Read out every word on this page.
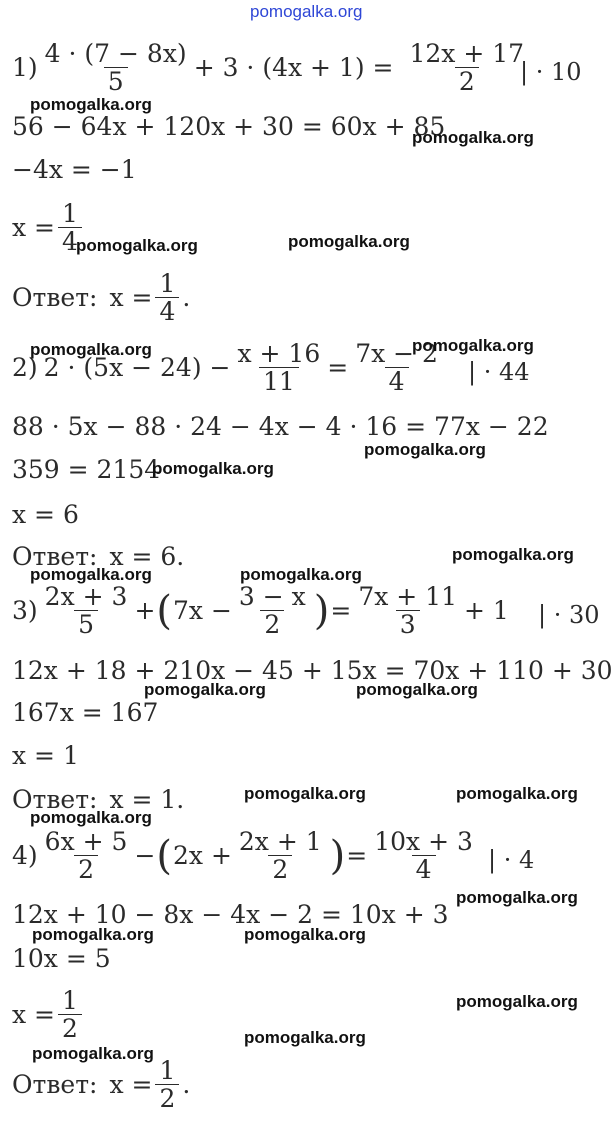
pomogalka.org
$1) \frac{4 \cdot (7 - 8x)}{5} + 3 \cdot (4x + 1) = \frac{12x + 17}{2}$
| · 10
56 − 64x + 120x + 30 = 60x + 85
−4x = −1
$x = \frac{1}{4}$
Ответ: $x = \frac{1}{4}$ .
2) $2 \cdot (5x - 24) - \frac{x + 16}{11} = \frac{7x - 2}{4}$ | · 44
88 · 5x − 88 · 24 − 4x − 4 · 16 = 77x − 22
359 = 2154
x = 6
Ответ: x = 6.
$3) \frac{2x + 3}{5}$ + ( $7x - \frac{3 - x}{2}$ ) = $\frac{7x + 11}{3} + 1$ | · 30
12x + 18 + 210x − 45 + 15x = 70x + 110 + 30
167x = 167
x = 1
Ответ: x = 1.
$4) \frac{6x + 5}{2}$ − ( $2x + \frac{2x + 1}{2}$ ) = $\frac{10x + 3}{4}$ | · 4
12x + 10 − 8x − 4x − 2 = 10x + 3
10x = 5
$x = \frac{1}{2}$
Ответ: $x = \frac{1}{2}$ .
pomogalka.org
pomogalka.org
pomogalka.org	pomogalka.org
pomogalka.org	pomogalka.org
pomogalka.org
pomogalka.org
pomogalka.org
pomogalka.org	pomogalka.org
pomogalka.org	pomogalka.org
pomogalka.org	pomogalka.org
pomogalka.org
pomogalka.org
pomogalka.org	pomogalka.org
pomogalka.org
pomogalka.org
pomogalka.org
